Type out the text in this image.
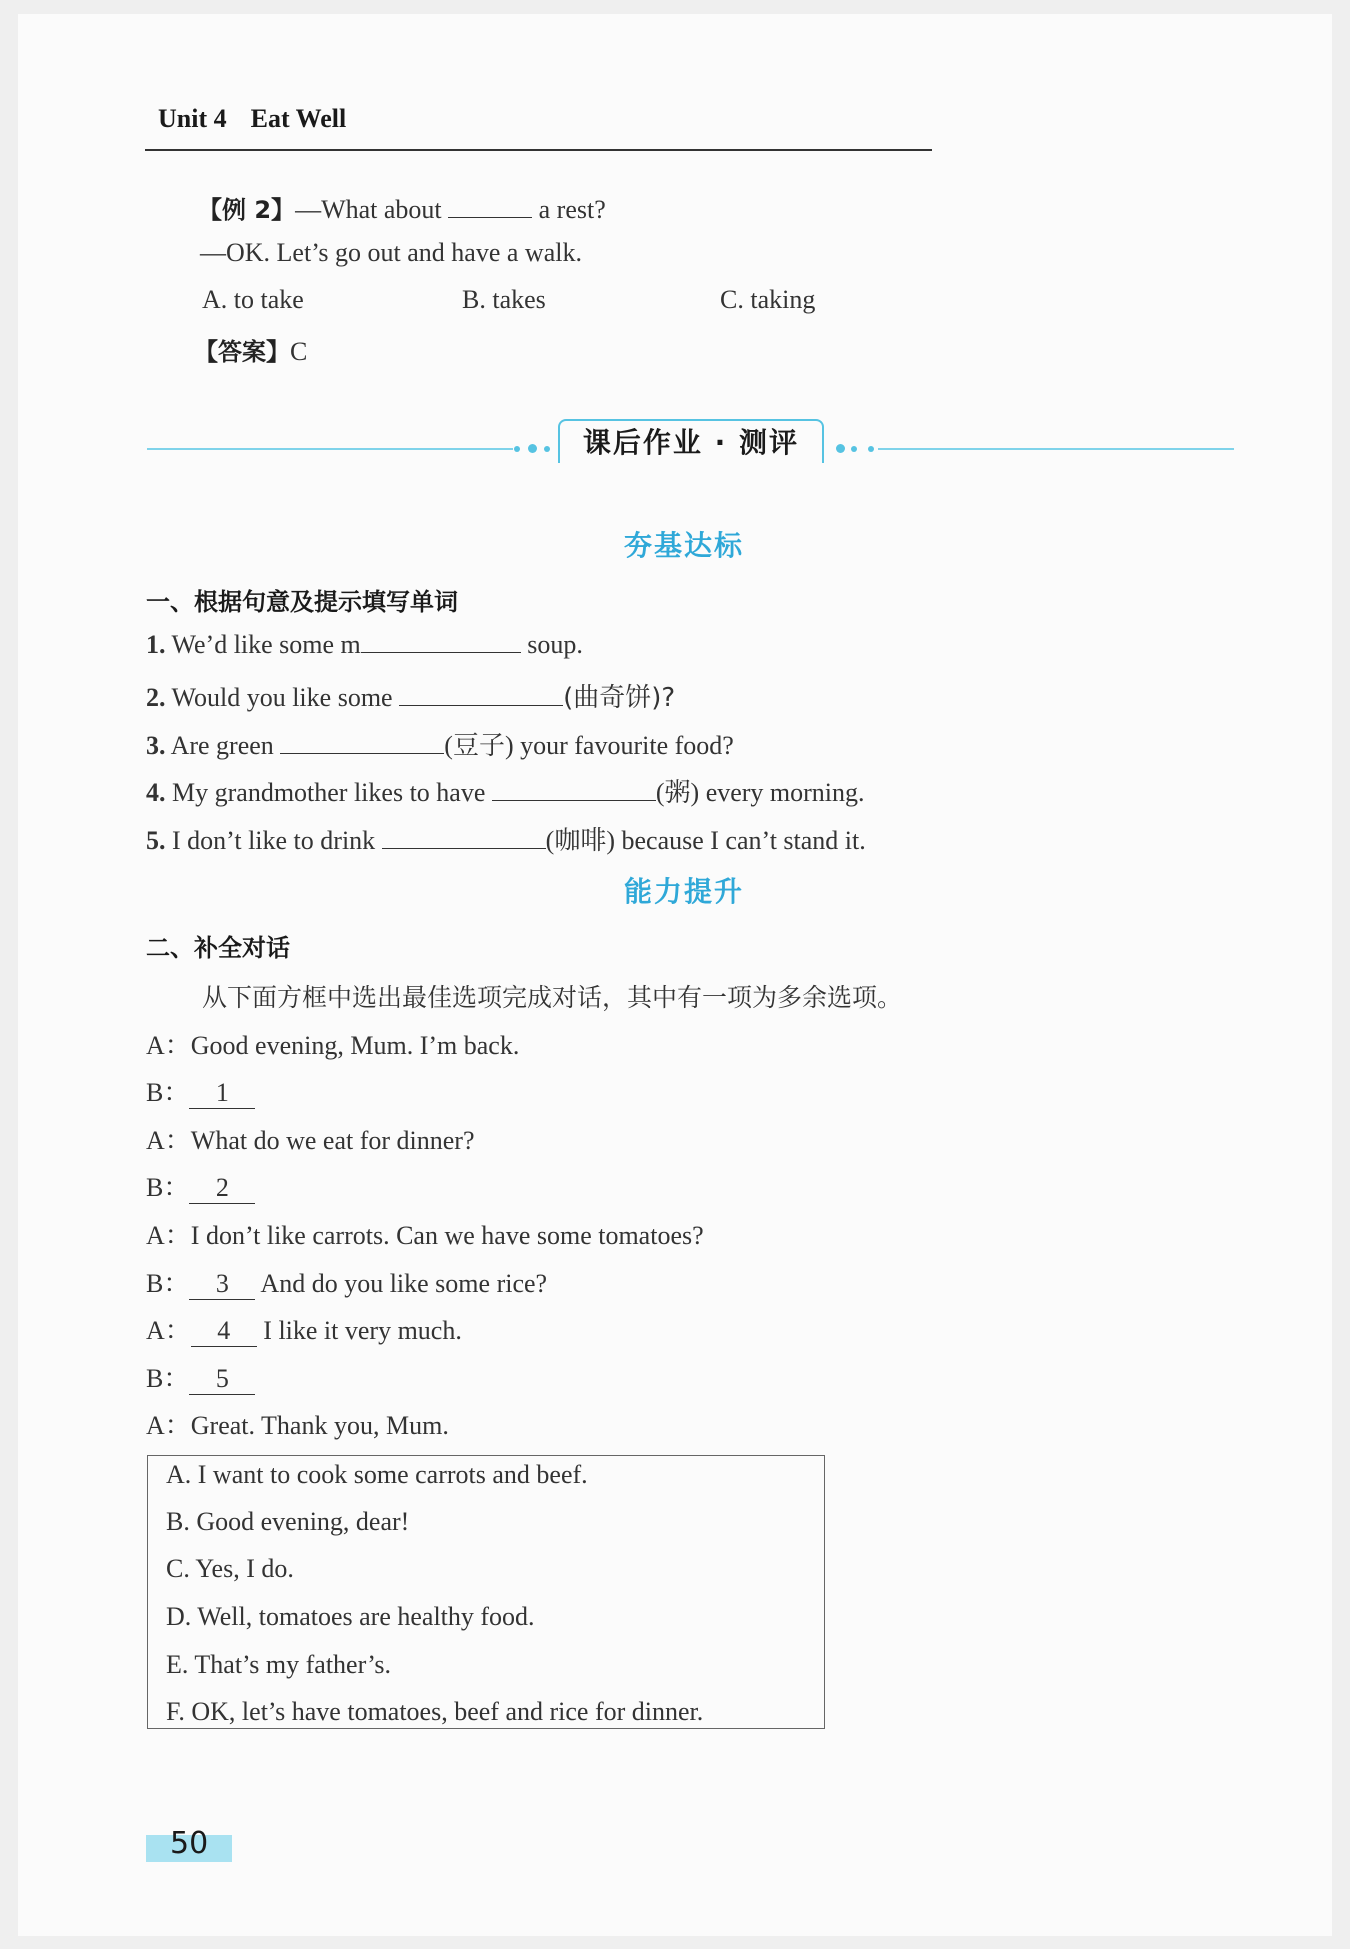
Unit 4 Eat Well
【例 2】—What about	a rest?
—OK. Let’s go out and have a walk.
A. to take	B. takes	C. taking
【答案】C
课后作业 · 测评
夯基达标
一、根据句意及提示填写单词
1. We’d like some m	soup.
2. Would you like some	(曲奇饼)?
3. Are green	(豆子) your favourite food?
4. My grandmother likes to have	(粥) every morning.
5. I don’t like to drink	(咖啡) because I can’t stand it.
能力提升
二、补全对话
从下面方框中选出最佳选项完成对话，其中有一项为多余选项。
A：Good evening, Mum. I’m back.
B： 1
A：What do we eat for dinner?
B： 2
A：I don’t like carrots. Can we have some tomatoes?
B： 3 And do you like some rice?
A： 4 I like it very much.
B： 5
A：Great. Thank you, Mum.
A. I want to cook some carrots and beef.
B. Good evening, dear!
C. Yes, I do.
D. Well, tomatoes are healthy food.
E. That’s my father’s.
F. OK, let’s have tomatoes, beef and rice for dinner.
50
